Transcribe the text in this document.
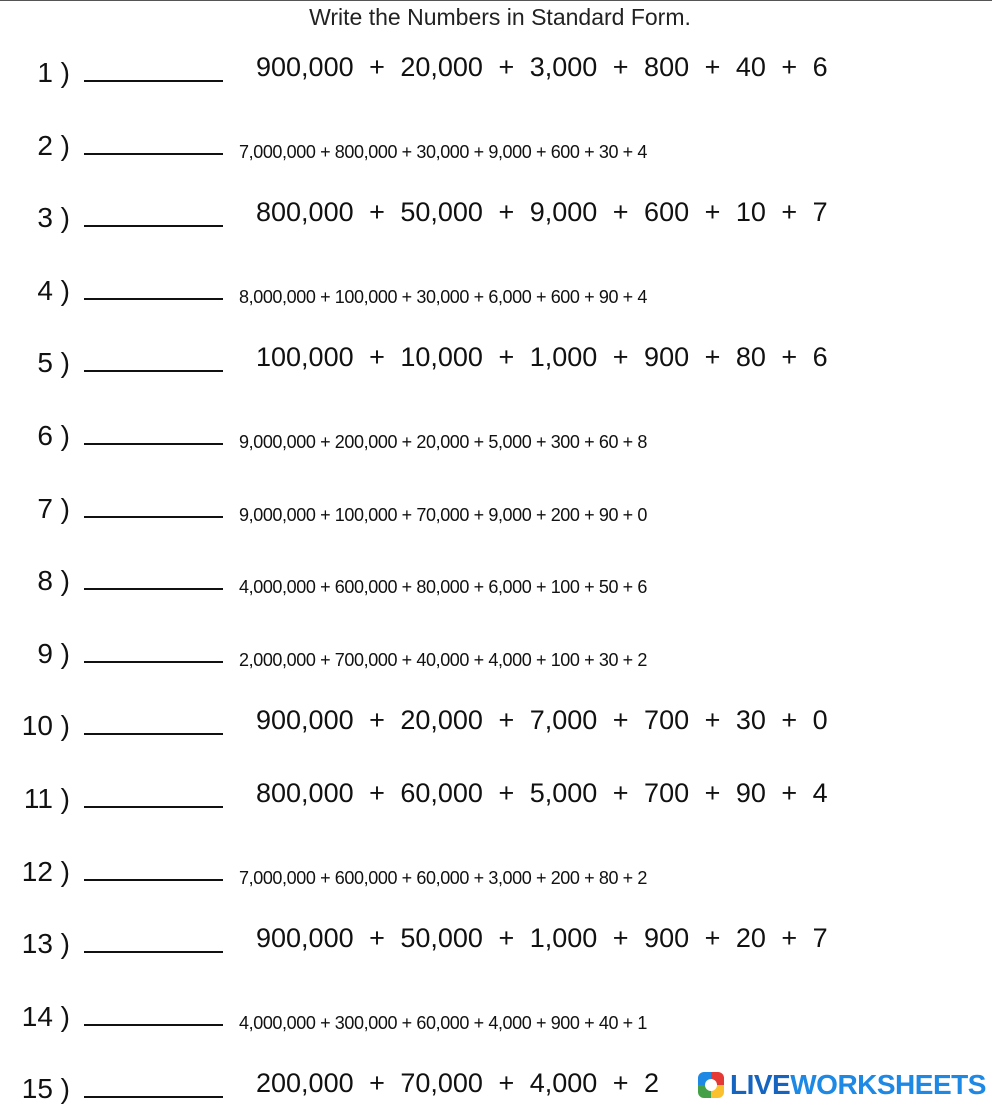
Write the Numbers in Standard Form.
1 )	900,000 + 20,000 + 3,000 + 800 + 40 + 6
2 )	7,000,000 + 800,000 + 30,000 + 9,000 + 600 + 30 + 4
3 )	800,000 + 50,000 + 9,000 + 600 + 10 + 7
4 )	8,000,000 + 100,000 + 30,000 + 6,000 + 600 + 90 + 4
5 )	100,000 + 10,000 + 1,000 + 900 + 80 + 6
6 )	9,000,000 + 200,000 + 20,000 + 5,000 + 300 + 60 + 8
7 )	9,000,000 + 100,000 + 70,000 + 9,000 + 200 + 90 + 0
8 )	4,000,000 + 600,000 + 80,000 + 6,000 + 100 + 50 + 6
9 )	2,000,000 + 700,000 + 40,000 + 4,000 + 100 + 30 + 2
10 )	900,000 + 20,000 + 7,000 + 700 + 30 + 0
11 )	800,000 + 60,000 + 5,000 + 700 + 90 + 4
12 )	7,000,000 + 600,000 + 60,000 + 3,000 + 200 + 80 + 2
13 )	900,000 + 50,000 + 1,000 + 900 + 20 + 7
14 )	4,000,000 + 300,000 + 60,000 + 4,000 + 900 + 40 + 1
15 )	200,000 + 70,000 + 4,000 + 2	LIVEWORKSHEETS
